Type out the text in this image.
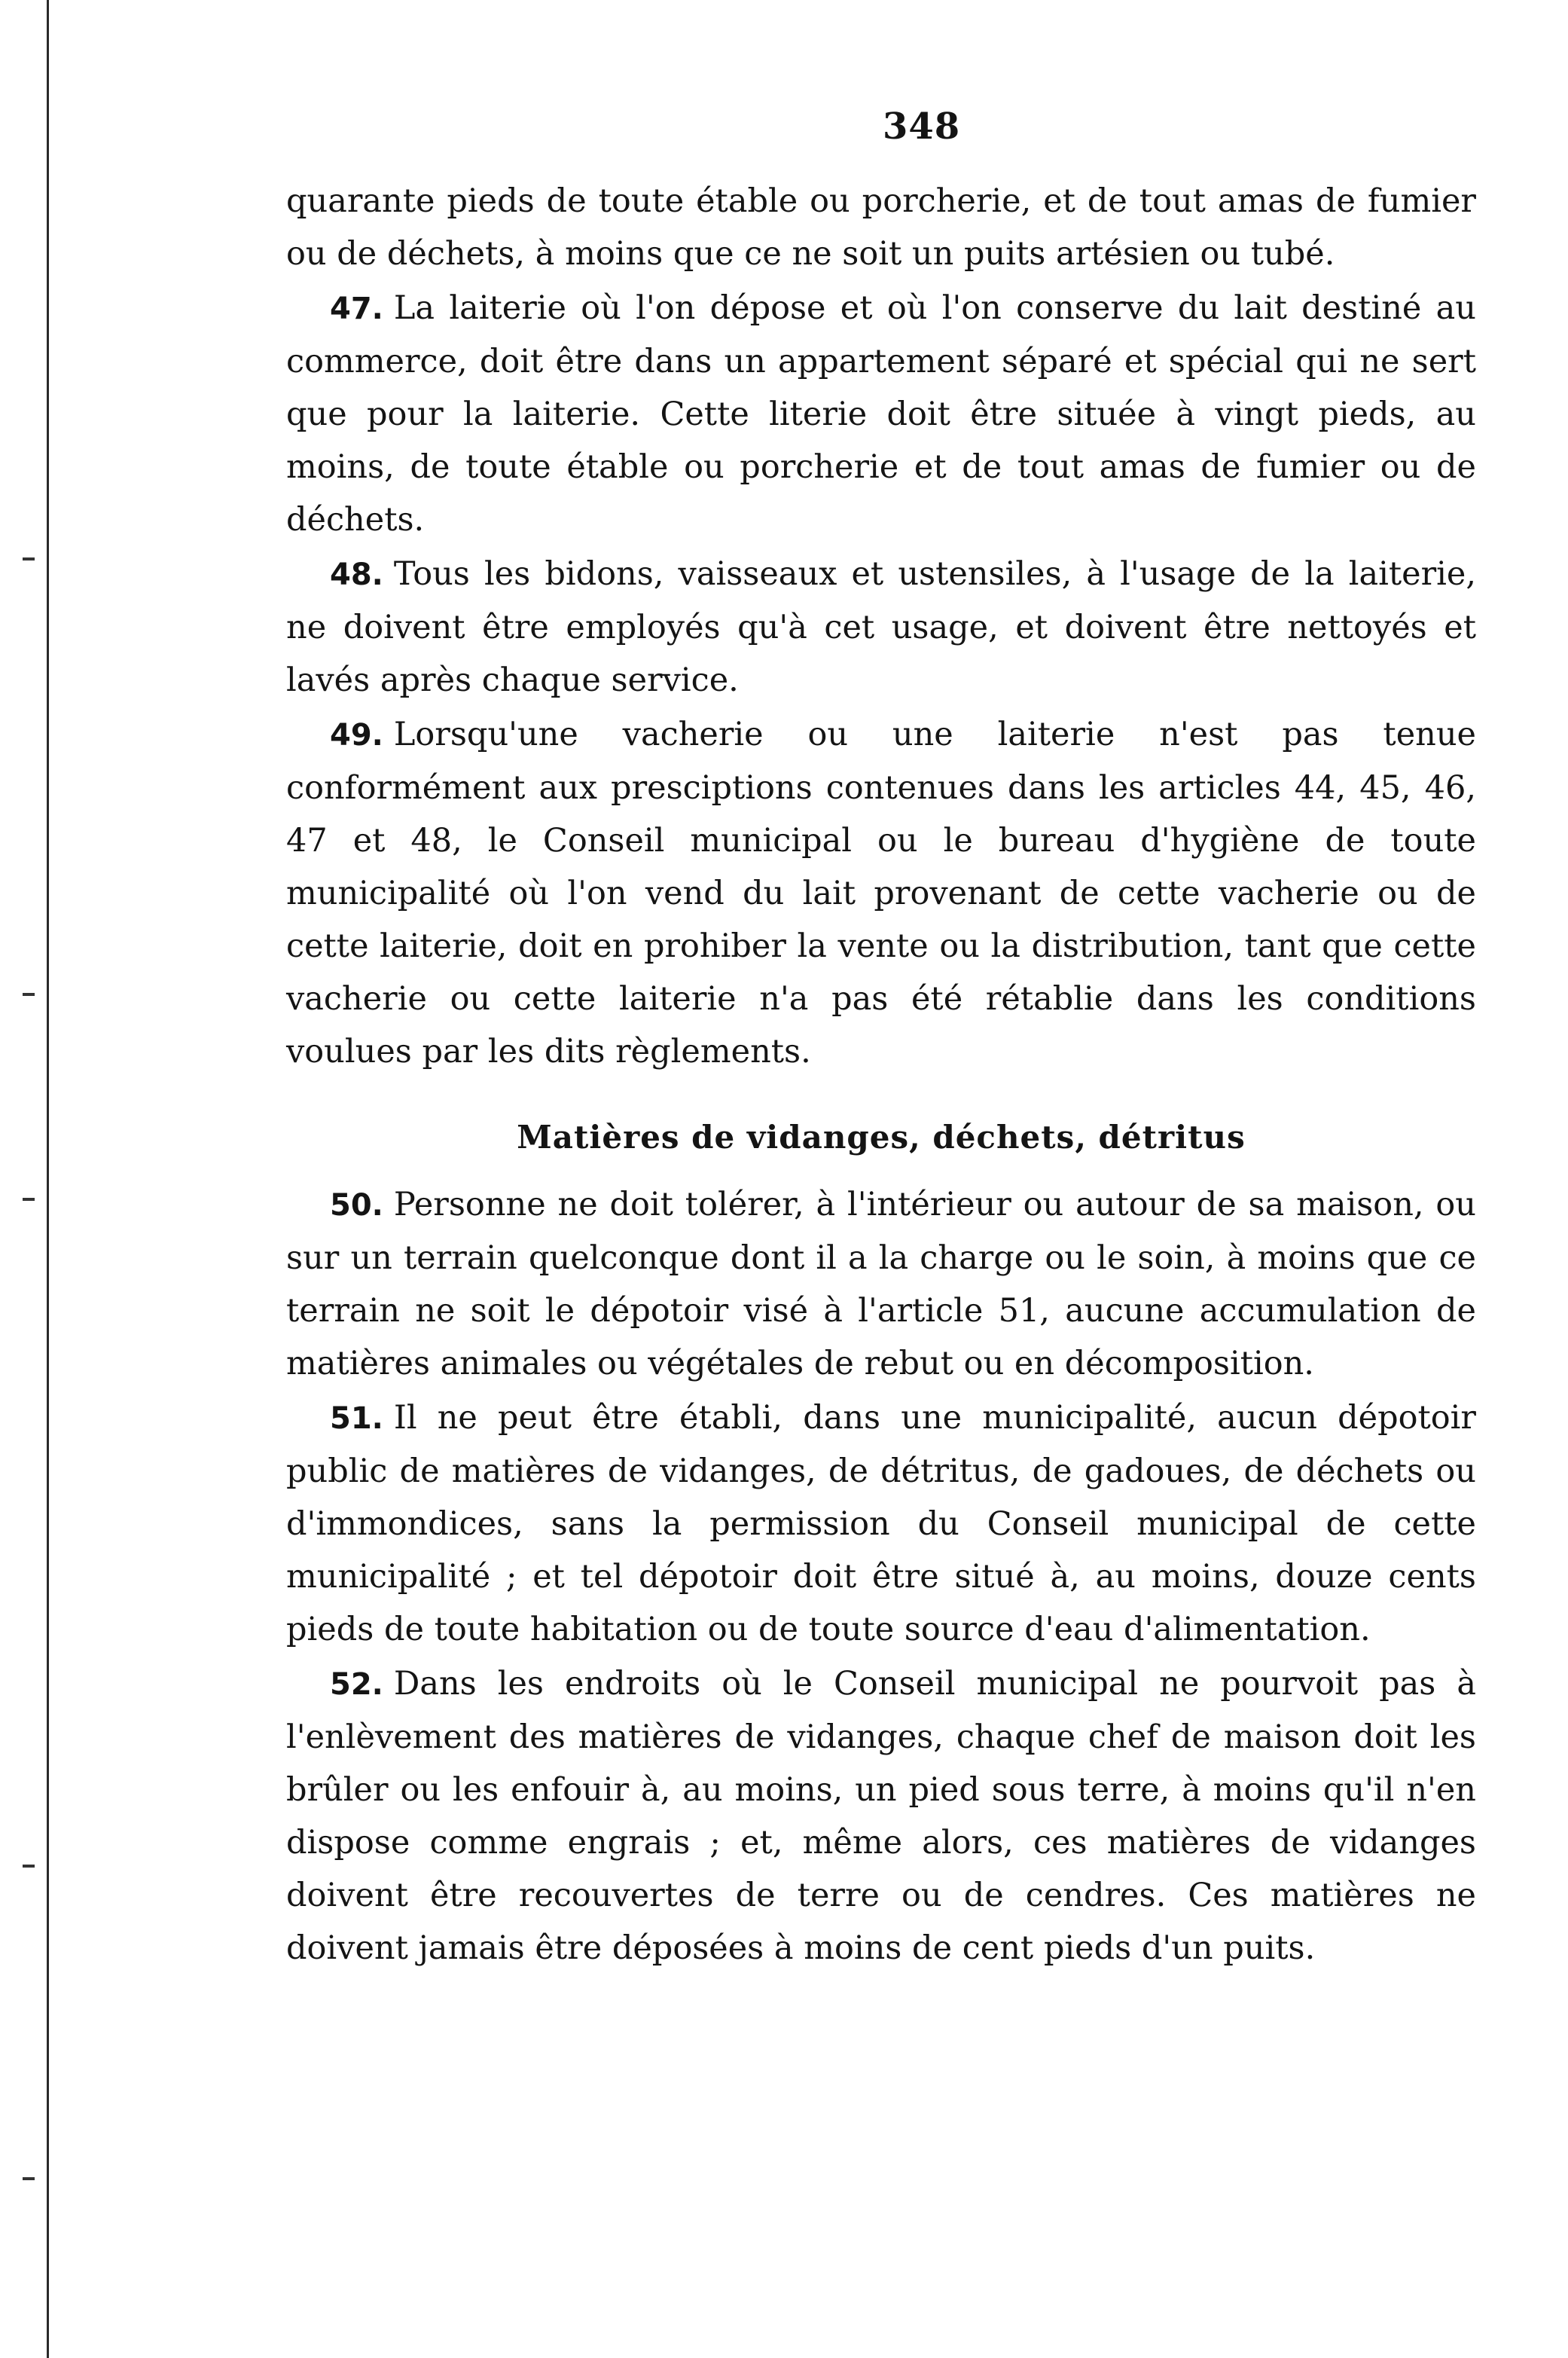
348

quarante pieds de toute étable ou porcherie, et de tout amas de fumier ou de déchets, à moins que ce ne soit un puits artésien ou tubé.

47. La laiterie où l'on dépose et où l'on conserve du lait destiné au commerce, doit être dans un appartement séparé et spécial qui ne sert que pour la laiterie. Cette literie doit être située à vingt pieds, au moins, de toute étable ou porcherie et de tout amas de fumier ou de déchets.

48. Tous les bidons, vaisseaux et ustensiles, à l'usage de la laiterie, ne doivent être employés qu'à cet usage, et doivent être nettoyés et lavés après chaque service.

49. Lorsqu'une vacherie ou une laiterie n'est pas tenue conformément aux presciptions contenues dans les articles 44, 45, 46, 47 et 48, le Conseil municipal ou le bureau d'hygiène de toute municipalité où l'on vend du lait provenant de cette vacherie ou de cette laiterie, doit en prohiber la vente ou la distribution, tant que cette vacherie ou cette laiterie n'a pas été rétablie dans les conditions voulues par les dits règlements.

Matières de vidanges, déchets, détritus

50. Personne ne doit tolérer, à l'intérieur ou autour de sa maison, ou sur un terrain quelconque dont il a la charge ou le soin, à moins que ce terrain ne soit le dépotoir visé à l'article 51, aucune accumulation de matières animales ou végétales de rebut ou en décomposition.

51. Il ne peut être établi, dans une municipalité, aucun dépotoir public de matières de vidanges, de détritus, de gadoues, de déchets ou d'immondices, sans la permission du Conseil municipal de cette municipalité ; et tel dépotoir doit être situé à, au moins, douze cents pieds de toute habitation ou de toute source d'eau d'alimentation.

52. Dans les endroits où le Conseil municipal ne pourvoit pas à l'enlèvement des matières de vidanges, chaque chef de maison doit les brûler ou les enfouir à, au moins, un pied sous terre, à moins qu'il n'en dispose comme engrais ; et, même alors, ces matières de vidanges doivent être recouvertes de terre ou de cendres. Ces matières ne doivent jamais être déposées à moins de cent pieds d'un puits.
